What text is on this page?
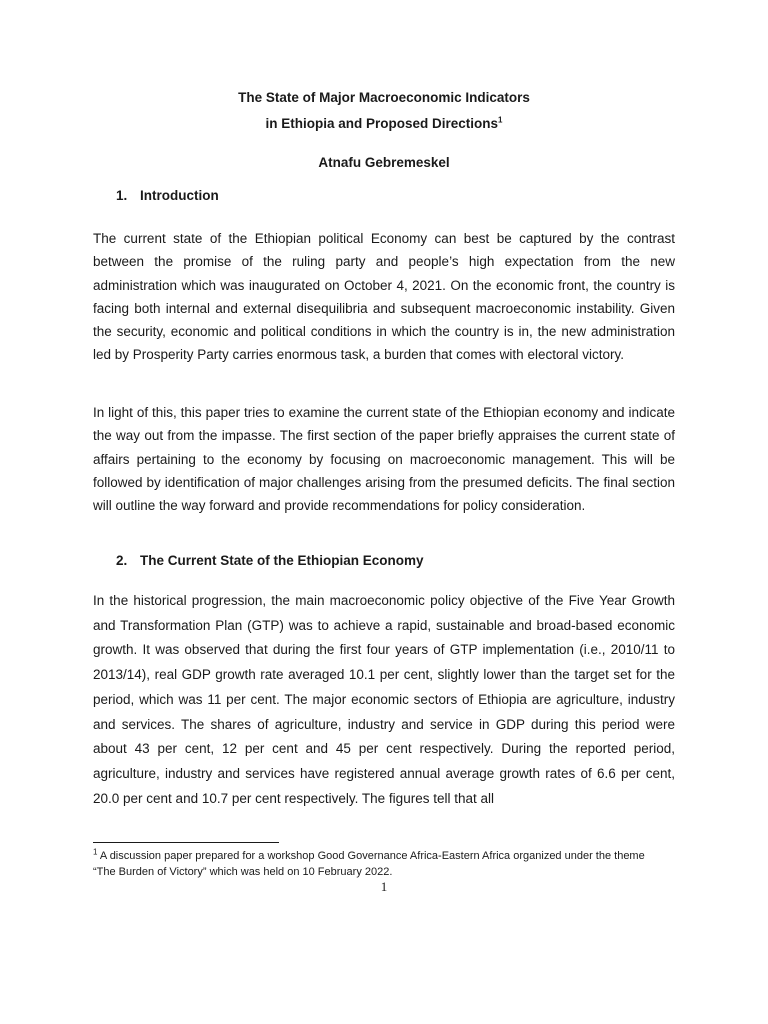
The State of Major Macroeconomic Indicators
in Ethiopia and Proposed Directions$^1$
Atnafu Gebremeskel
1. Introduction

The current state of the Ethiopian political Economy can best be captured by the contrast between the promise of the ruling party and people’s high expectation from the new administration which was inaugurated on October 4, 2021. On the economic front, the country is facing both internal and external disequilibria and subsequent macroeconomic instability. Given the security, economic and political conditions in which the country is in, the new administration led by Prosperity Party carries enormous task, a burden that comes with electoral victory.

In light of this, this paper tries to examine the current state of the Ethiopian economy and indicate the way out from the impasse. The first section of the paper briefly appraises the current state of affairs pertaining to the economy by focusing on macroeconomic management. This will be followed by identification of major challenges arising from the presumed deficits. The final section will outline the way forward and provide recommendations for policy consideration.

2. The Current State of the Ethiopian Economy

In the historical progression, the main macroeconomic policy objective of the Five Year Growth and Transformation Plan (GTP) was to achieve a rapid, sustainable and broad-based economic growth. It was observed that during the first four years of GTP implementation (i.e., 2010/11 to 2013/14), real GDP growth rate averaged 10.1 per cent, slightly lower than the target set for the period, which was 11 per cent. The major economic sectors of Ethiopia are agriculture, industry and services. The shares of agriculture, industry and service in GDP during this period were about 43 per cent, 12 per cent and 45 per cent respectively. During the reported period, agriculture, industry and services have registered annual average growth rates of 6.6 per cent, 20.0 per cent and 10.7 per cent respectively. The figures tell that all

$^1$ A discussion paper prepared for a workshop Good Governance Africa-Eastern Africa organized under the theme “The Burden of Victory” which was held on 10 February 2022.

1
